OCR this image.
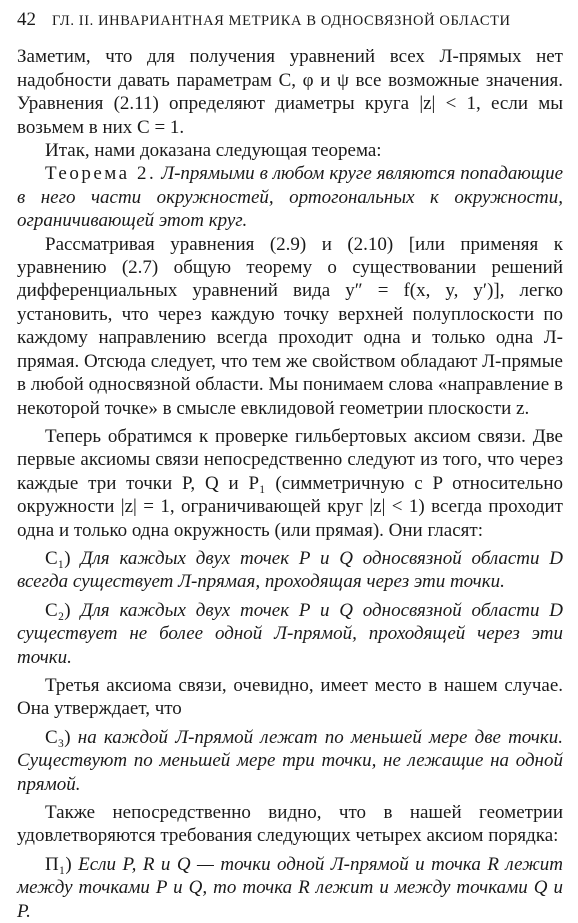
42 ГЛ. II. ИНВАРИАНТНАЯ МЕТРИКА В ОДНОСВЯЗНОЙ ОБЛАСТИ

Заметим, что для получения уравнений всех Л-прямых нет надобности давать параметрам C, φ и ψ все возможные значения. Уравнения (2.11) определяют диаметры круга |z| < 1, если мы возьмем в них C = 1.

Итак, нами доказана следующая теорема:

Теорема 2. Л-прямыми в любом круге являются попадающие в него части окружностей, ортогональных к окружности, ограничивающей этот круг.

Рассматривая уравнения (2.9) и (2.10) [или применяя к уравнению (2.7) общую теорему о существовании решений дифференциальных уравнений вида y″ = f(x, y, y′)], легко установить, что через каждую точку верхней полуплоскости по каждому направлению всегда проходит одна и только одна Л-прямая. Отсюда следует, что тем же свойством обладают Л-прямые в любой односвязной области. Мы понимаем слова «направление в некоторой точке» в смысле евклидовой геометрии плоскости z.

Теперь обратимся к проверке гильбертовых аксиом связи. Две первые аксиомы связи непосредственно следуют из того, что через каждые три точки P, Q и P₁ (симметричную с P относительно окружности |z| = 1, ограничивающей круг |z| < 1) всегда проходит одна и только одна окружность (или прямая). Они гласят:

C₁) Для каждых двух точек P и Q односвязной области D всегда существует Л-прямая, проходящая через эти точки.

C₂) Для каждых двух точек P и Q односвязной области D существует не более одной Л-прямой, проходящей через эти точки.

Третья аксиома связи, очевидно, имеет место в нашем случае. Она утверждает, что

C₃) на каждой Л-прямой лежат по меньшей мере две точки. Существуют по меньшей мере три точки, не лежащие на одной прямой.

Также непосредственно видно, что в нашей геометрии удовлетворяются требования следующих четырех аксиом порядка:

П₁) Если P, R и Q — точки одной Л-прямой и точка R лежит между точками P и Q, то точка R лежит и между точками Q и P.
